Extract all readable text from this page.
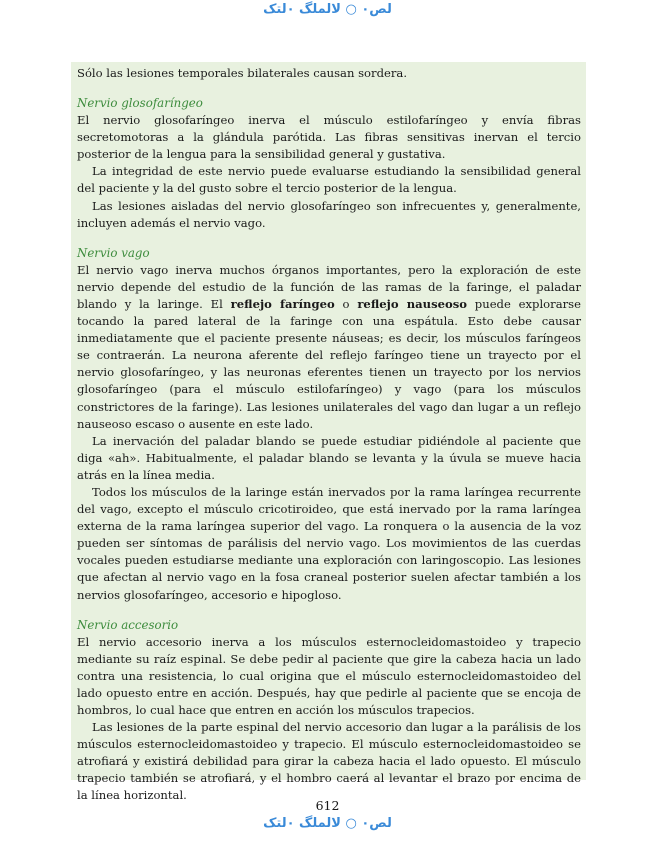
لص٠ ○ لالملگ ٠لتک

Sólo las lesiones temporales bilaterales causan sordera.

Nervio glosofaríngeo

El nervio glosofaríngeo inerva el músculo estilofaríngeo y envía fibras secretomotoras a la glándula parótida. Las fibras sensitivas inervan el tercio posterior de la lengua para la sensibilidad general y gustativa.

La integridad de este nervio puede evaluarse estudiando la sensibilidad general del paciente y la del gusto sobre el tercio posterior de la lengua.

Las lesiones aisladas del nervio glosofaríngeo son infrecuentes y, generalmente, incluyen además el nervio vago.

Nervio vago

El nervio vago inerva muchos órganos importantes, pero la exploración de este nervio depende del estudio de la función de las ramas de la faringe, el paladar blando y la laringe. El reflejo faríngeo o reflejo nauseoso puede explorarse tocando la pared lateral de la faringe con una espátula. Esto debe causar inmediatamente que el paciente presente náuseas; es decir, los músculos faríngeos se contraerán. La neurona aferente del reflejo faríngeo tiene un trayecto por el nervio glosofaríngeo, y las neuronas eferentes tienen un trayecto por los nervios glosofaríngeo (para el músculo estilofaríngeo) y vago (para los músculos constrictores de la faringe). Las lesiones unilaterales del vago dan lugar a un reflejo nauseoso escaso o ausente en este lado.

La inervación del paladar blando se puede estudiar pidiéndole al paciente que diga «ah». Habitualmente, el paladar blando se levanta y la úvula se mueve hacia atrás en la línea media.

Todos los músculos de la laringe están inervados por la rama laríngea recurrente del vago, excepto el músculo cricotiroideo, que está inervado por la rama laríngea externa de la rama laríngea superior del vago. La ronquera o la ausencia de la voz pueden ser síntomas de parálisis del nervio vago. Los movimientos de las cuerdas vocales pueden estudiarse mediante una exploración con laringoscopio. Las lesiones que afectan al nervio vago en la fosa craneal posterior suelen afectar también a los nervios glosofaríngeo, accesorio e hipogloso.

Nervio accesorio

El nervio accesorio inerva a los músculos esternocleidomastoideo y trapecio mediante su raíz espinal. Se debe pedir al paciente que gire la cabeza hacia un lado contra una resistencia, lo cual origina que el músculo esternocleidomastoideo del lado opuesto entre en acción. Después, hay que pedirle al paciente que se encoja de hombros, lo cual hace que entren en acción los músculos trapecios.

Las lesiones de la parte espinal del nervio accesorio dan lugar a la parálisis de los músculos esternocleidomastoideo y trapecio. El músculo esternocleidomastoideo se atrofiará y existirá debilidad para girar la cabeza hacia el lado opuesto. El músculo trapecio también se atrofiará, y el hombro caerá al levantar el brazo por encima de la línea horizontal.

612
لص٠ ○ لالملگ ٠لتک
